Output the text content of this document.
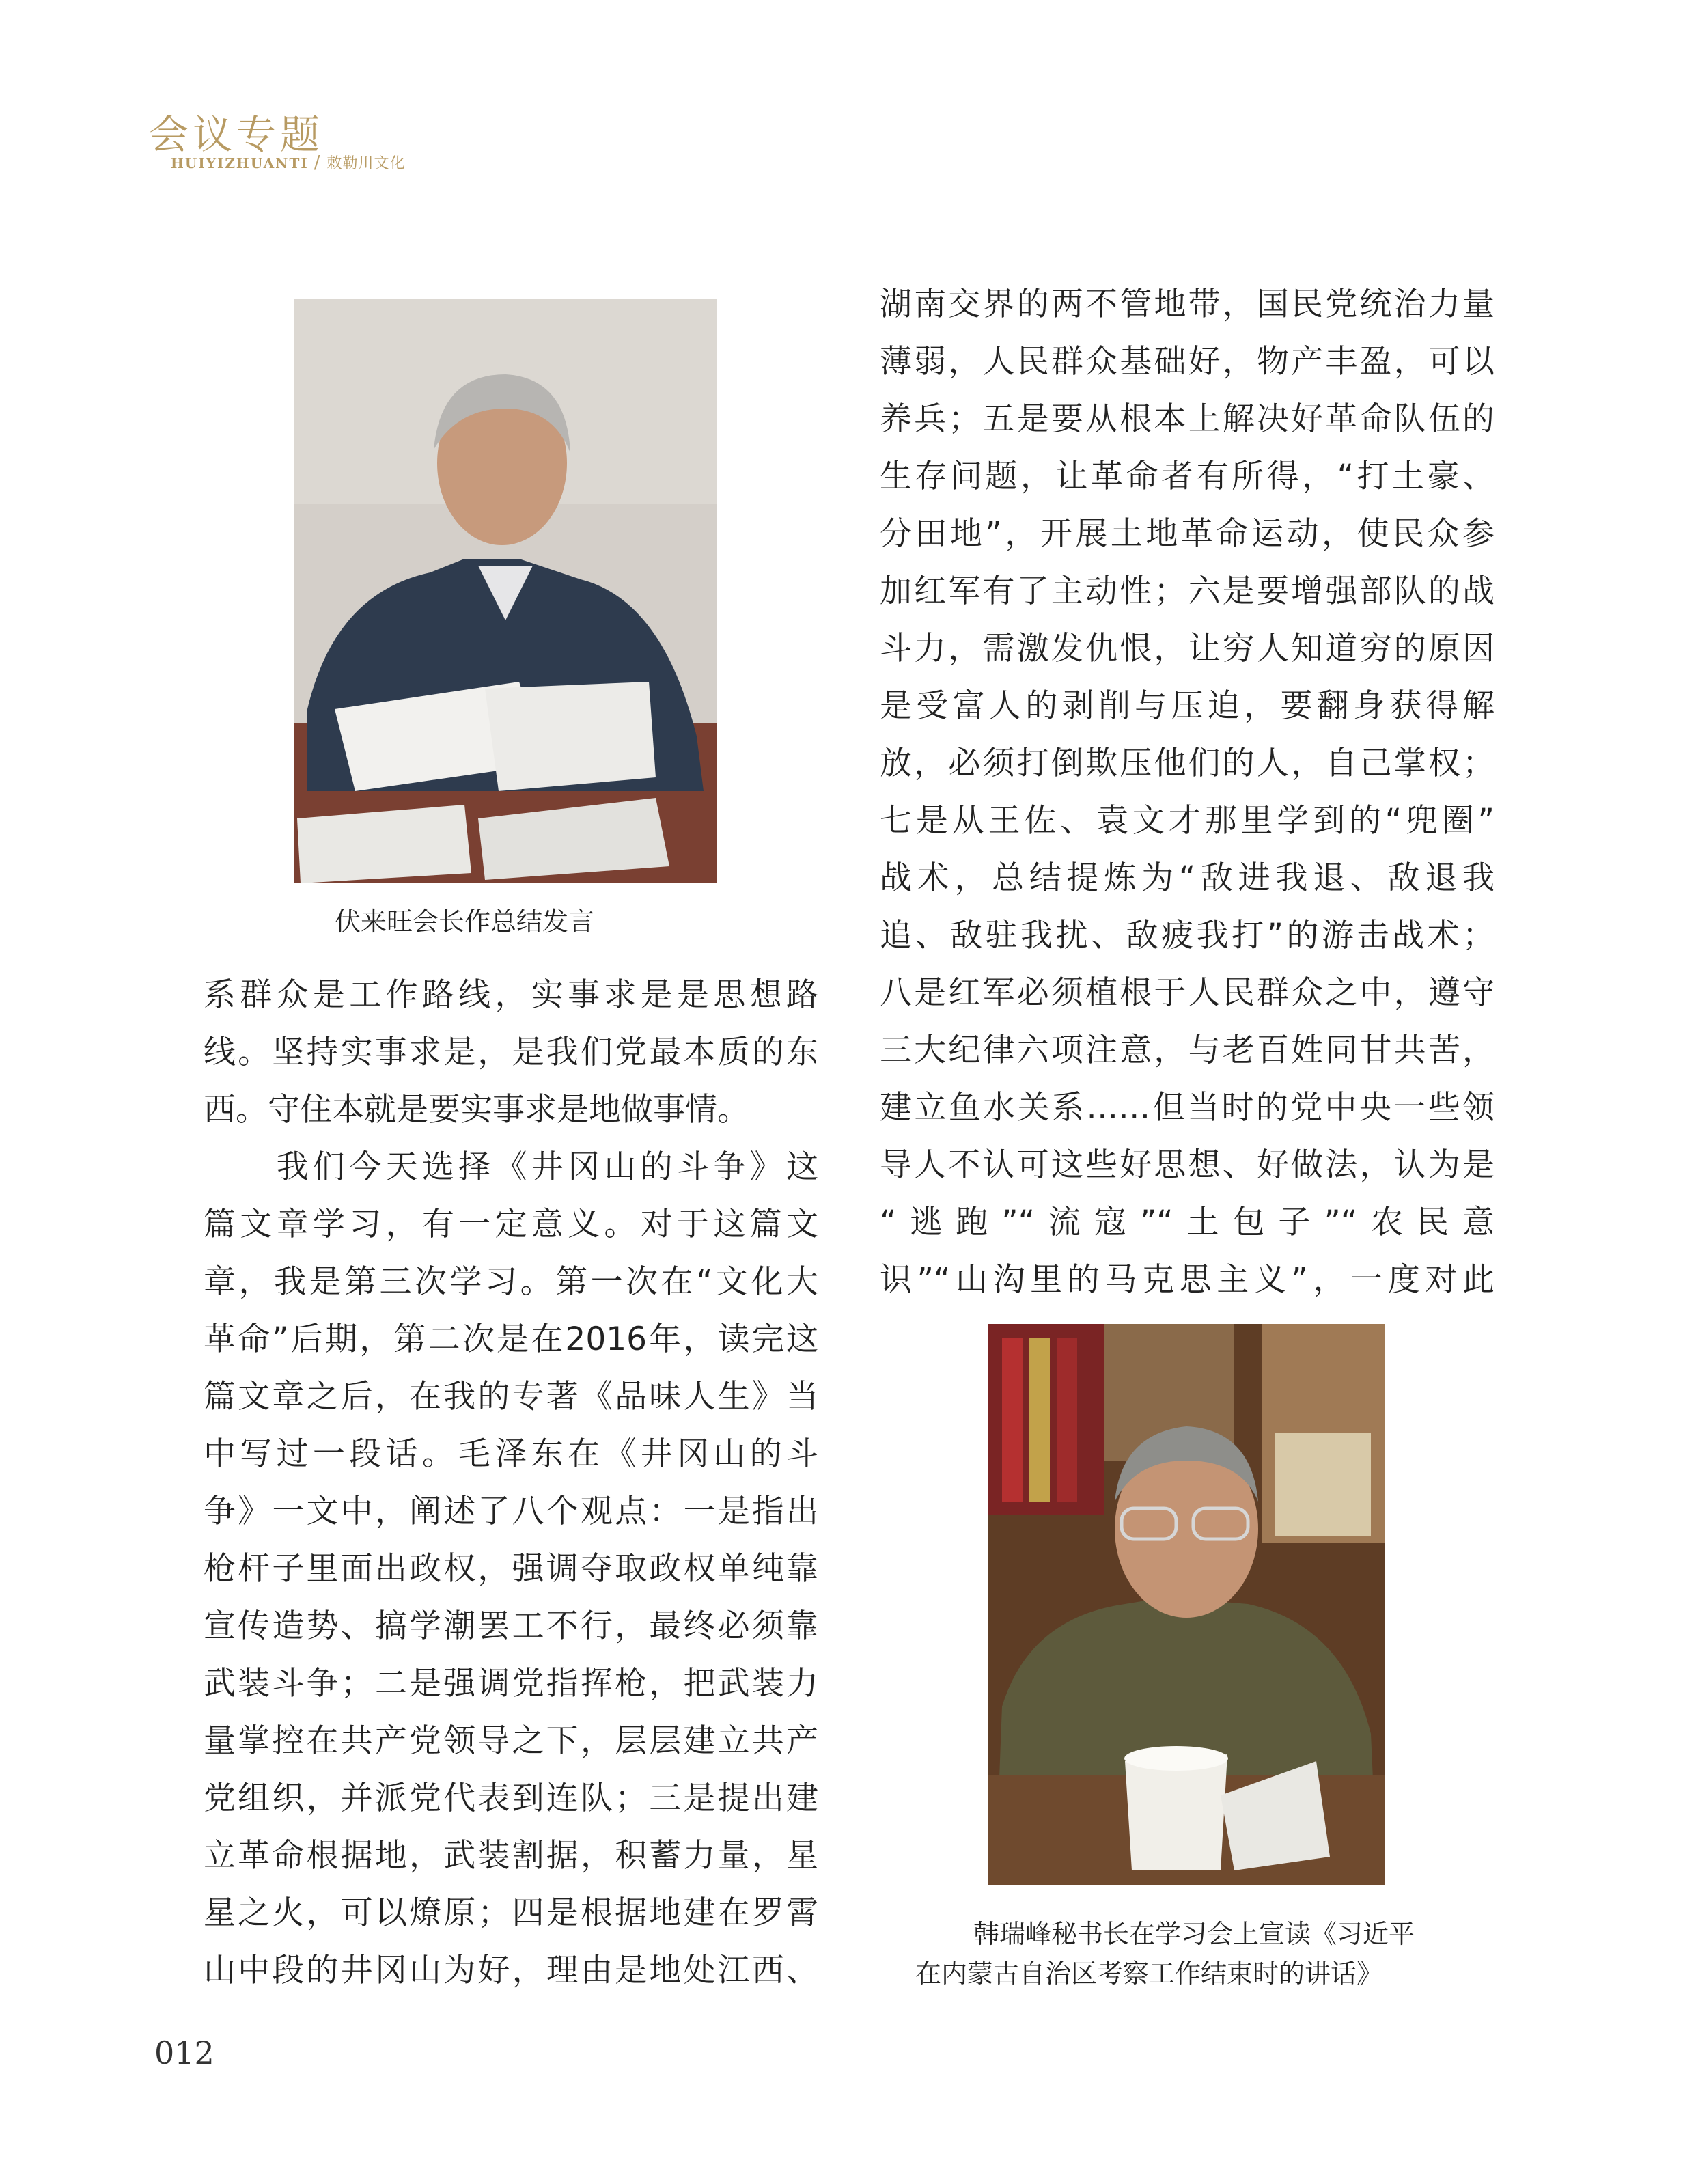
会议专题
HUIYIZHUANTI / 敕勒川文化
伏来旺会长作总结发言
系群众是工作路线，实事求是是思想路
线。坚持实事求是，是我们党最本质的东
西。守住本就是要实事求是地做事情。
　　我们今天选择《井冈山的斗争》这
篇文章学习，有一定意义。对于这篇文
章，我是第三次学习。第一次在“文化大
革命”后期，第二次是在2016年，读完这
篇文章之后，在我的专著《品味人生》当
中写过一段话。毛泽东在《井冈山的斗
争》一文中，阐述了八个观点：一是指出
枪杆子里面出政权，强调夺取政权单纯靠
宣传造势、搞学潮罢工不行，最终必须靠
武装斗争；二是强调党指挥枪，把武装力
量掌控在共产党领导之下，层层建立共产
党组织，并派党代表到连队；三是提出建
立革命根据地，武装割据，积蓄力量，星
星之火，可以燎原；四是根据地建在罗霄
山中段的井冈山为好，理由是地处江西、
湖南交界的两不管地带，国民党统治力量
薄弱，人民群众基础好，物产丰盈，可以
养兵；五是要从根本上解决好革命队伍的
生存问题，让革命者有所得，“打土豪、
分田地”，开展土地革命运动，使民众参
加红军有了主动性；六是要增强部队的战
斗力，需激发仇恨，让穷人知道穷的原因
是受富人的剥削与压迫，要翻身获得解
放，必须打倒欺压他们的人，自己掌权；
七是从王佐、袁文才那里学到的“兜圈”
战术，总结提炼为“敌进我退、敌退我
追、敌驻我扰、敌疲我打”的游击战术；
八是红军必须植根于人民群众之中，遵守
三大纪律六项注意，与老百姓同甘共苦，
建立鱼水关系……但当时的党中央一些领
导人不认可这些好思想、好做法，认为是
“逃跑”“流寇”“土包子”“农民意
识”“山沟里的马克思主义”，一度对此
韩瑞峰秘书长在学习会上宣读《习近平
在内蒙古自治区考察工作结束时的讲话》
012
